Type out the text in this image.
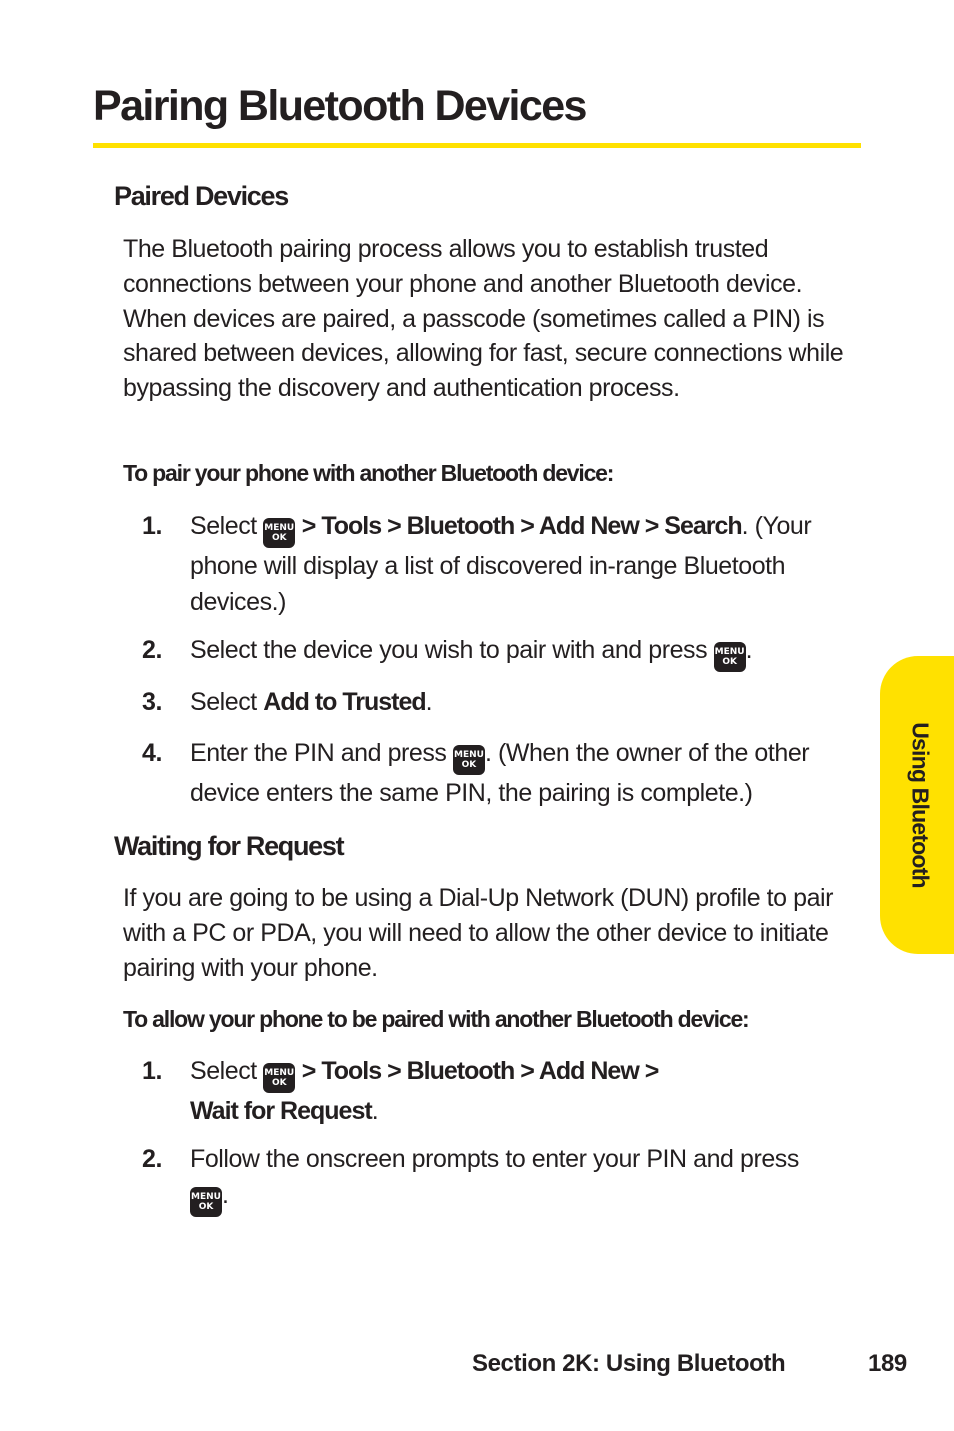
Pairing Bluetooth Devices
Paired Devices

The Bluetooth pairing process allows you to establish trusted connections between your phone and another Bluetooth device. When devices are paired, a passcode (sometimes called a PIN) is shared between devices, allowing for fast, secure connections while bypassing the discovery and authentication process.

To pair your phone with another Bluetooth device:

1. Select MENU
OK > Tools > Bluetooth > Add New > Search. (Your phone will display a list of discovered in-range Bluetooth devices.)
2. Select the device you wish to pair with and press MENU
OK .
3. Select Add to Trusted.
4. Enter the PIN and press MENU
OK . (When the owner of the other device enters the same PIN, the pairing is complete.)
Waiting for Request

If you are going to be using a Dial-Up Network (DUN) profile to pair with a PC or PDA, you will need to allow the other device to initiate pairing with your phone.

To allow your phone to be paired with another Bluetooth device:

1. Select MENU
OK > Tools > Bluetooth > Add New >
Wait for Request.
2. Follow the onscreen prompts to enter your PIN and press
MENU
OK .
Using Bluetooth

Section 2K: Using Bluetooth	189
